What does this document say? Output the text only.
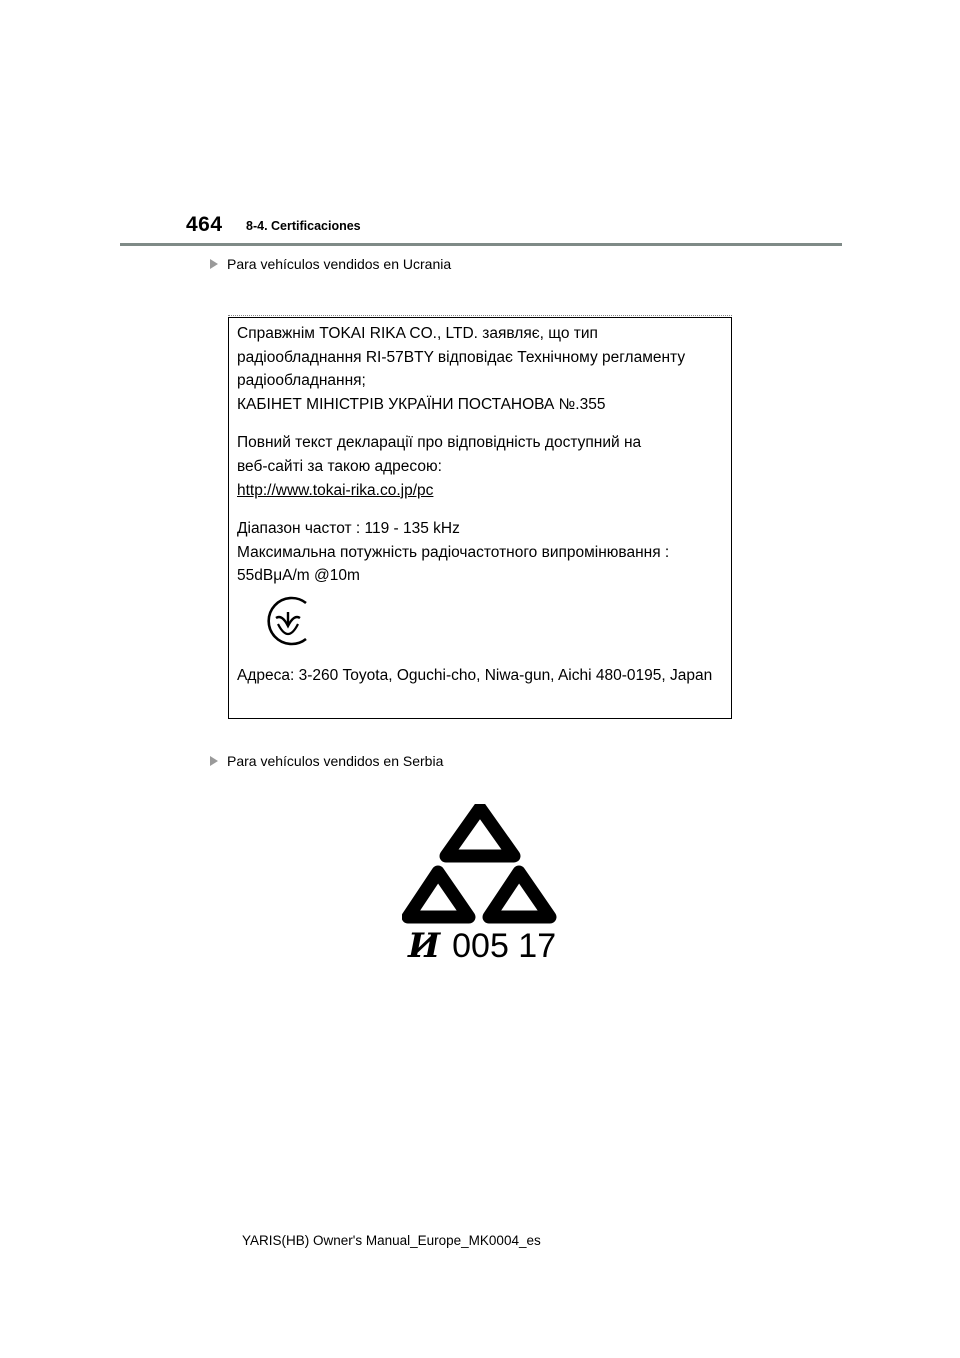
464 8-4. Certificaciones
Para vehículos vendidos en Ucrania
Справжнім TOKAI RIKA CO., LTD. заявляє, що тип
радіообладнання RI-57BTY відповідає Технічному регламенту
радіообладнання;
КАБІНЕТ МІНІСТРІВ УКРАЇНИ ПОСТАНОВА №.355
Повний текст декларації про відповідність доступний на
веб-сайті за такою адресою:
http://www.tokai-rika.co.jp/pc
Діапазон частот : 119 - 135 kHz
Максимальна потужність радіочастотного випромінювання :
55dBμA/m @10m
Адреса: 3-260 Toyota, Oguchi-cho, Niwa-gun, Aichi 480-0195, Japan
Para vehículos vendidos en Serbia
И 005 17
YARIS(HB) Owner's Manual_Europe_MK0004_es
